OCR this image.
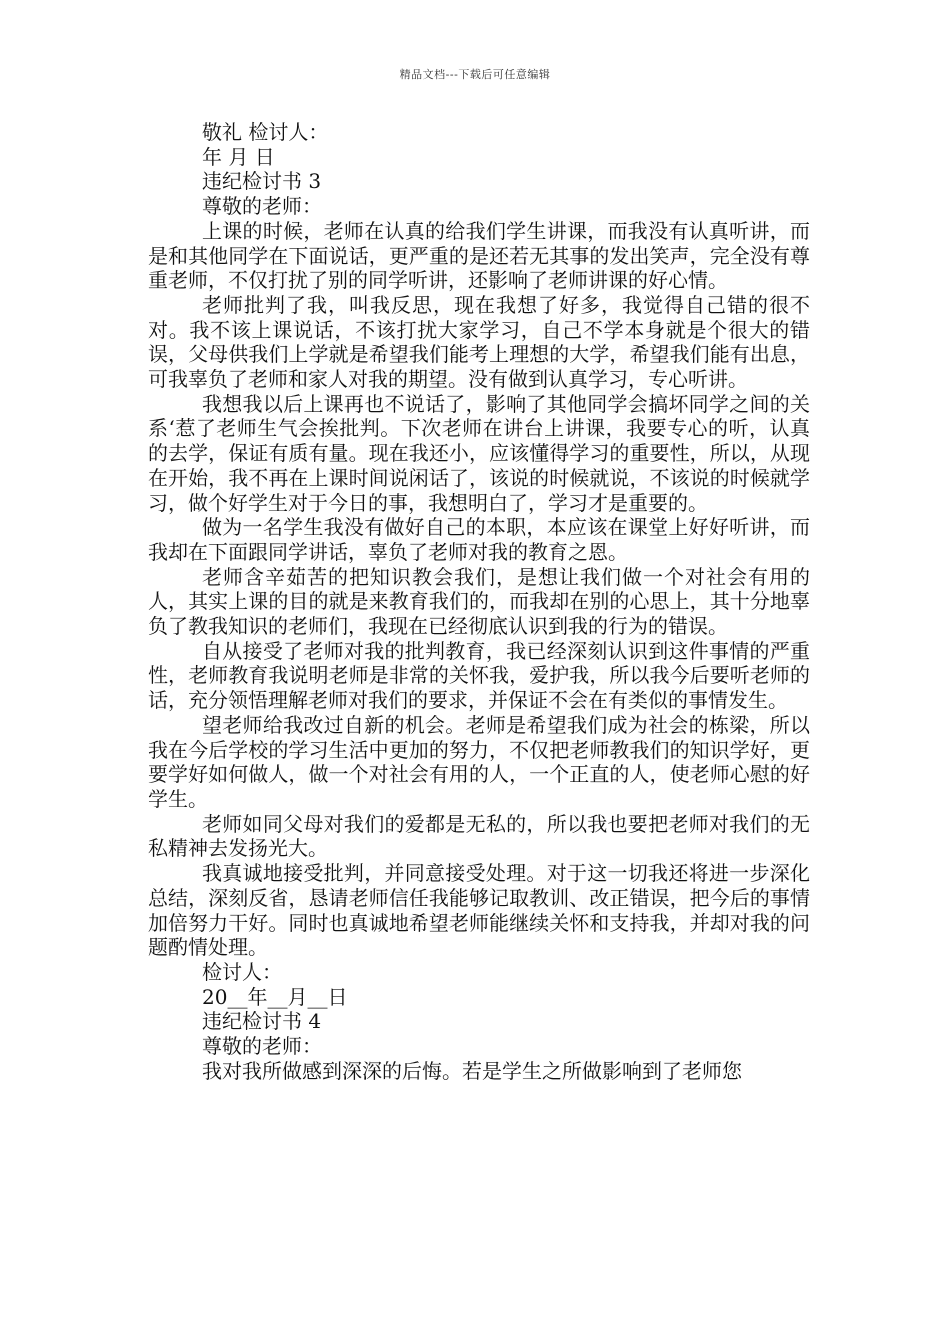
精品文档---下载后可任意编辑
敬礼 检讨人：
年 月 日
违纪检讨书 3
尊敬的老师：

上课的时候，老师在认真的给我们学生讲课，而我没有认真听讲，而是和其他同学在下面说话，更严重的是还若无其事的发出笑声，完全没有尊重老师，不仅打扰了别的同学听讲，还影响了老师讲课的好心情。

老师批判了我，叫我反思，现在我想了好多，我觉得自己错的很不对。我不该上课说话，不该打扰大家学习，自己不学本身就是个很大的错误，父母供我们上学就是希望我们能考上理想的大学，希望我们能有出息，可我辜负了老师和家人对我的期望。没有做到认真学习，专心听讲。

我想我以后上课再也不说话了，影响了其他同学会搞坏同学之间的关系‘惹了老师生气会挨批判。下次老师在讲台上讲课，我要专心的听，认真的去学，保证有质有量。现在我还小，应该懂得学习的重要性，所以，从现在开始，我不再在上课时间说闲话了，该说的时候就说，不该说的时候就学习，做个好学生对于今日的事，我想明白了，学习才是重要的。

做为一名学生我没有做好自己的本职，本应该在课堂上好好听讲，而我却在下面跟同学讲话，辜负了老师对我的教育之恩。

老师含辛茹苦的把知识教会我们，是想让我们做一个对社会有用的人，其实上课的目的就是来教育我们的，而我却在别的心思上，其十分地辜负了教我知识的老师们，我现在已经彻底认识到我的行为的错误。

自从接受了老师对我的批判教育，我已经深刻认识到这件事情的严重性，老师教育我说明老师是非常的关怀我，爱护我，所以我今后要听老师的话，充分领悟理解老师对我们的要求，并保证不会在有类似的事情发生。

望老师给我改过自新的机会。老师是希望我们成为社会的栋梁，所以我在今后学校的学习生活中更加的努力，不仅把老师教我们的知识学好，更要学好如何做人，做一个对社会有用的人，一个正直的人，使老师心慰的好学生。

老师如同父母对我们的爱都是无私的，所以我也要把老师对我们的无私精神去发扬光大。

我真诚地接受批判，并同意接受处理。对于这一切我还将进一步深化总结，深刻反省，恳请老师信任我能够记取教训、改正错误，把今后的事情加倍努力干好。同时也真诚地希望老师能继续关怀和支持我，并却对我的问题酌情处理。

检讨人：
20__年__月__日
违纪检讨书 4
尊敬的老师：
我对我所做感到深深的后悔。若是学生之所做影响到了老师您
